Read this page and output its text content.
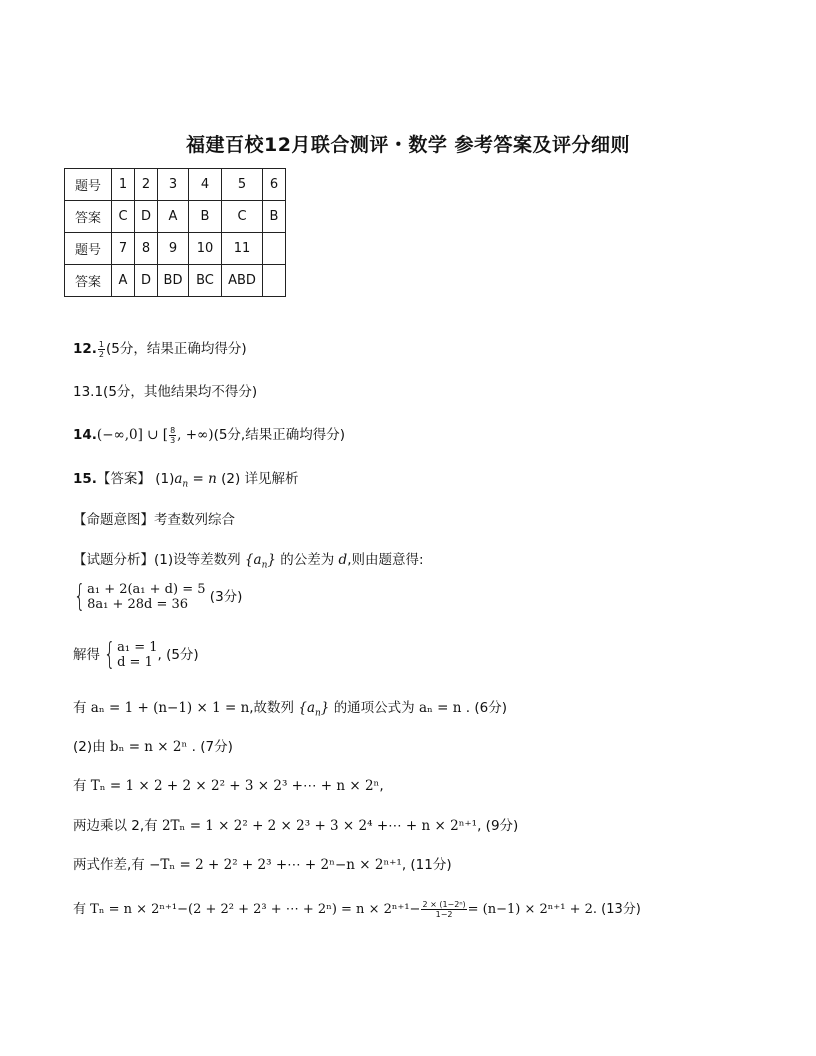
福建百校12月联合测评・数学 参考答案及评分细则
题号	1	2	3	4	5	6
答案	C	D	A	B	C	B
题号	7	8	9	10	11	
答案	A	D	BD	BC	ABD	
12. $\frac{1}{2} (5$分，结果正确均得分)
13.1(5分，其他结果均不得分)
14.(−∞,0] ∪ [ $\frac{8}{3}$ , +∞)(5分,结果正确均得分)
15.【答案】 $(1)a_n = n$ (2) 详见解析
【命题意图】考查数列综合
【试题分析】(1)设等差数列 $\{a_n\}$ 的公差为 d,则由题意得:
{ a₁ + 2(a₁ + d) = 5
8a₁ + 28d = 36	(3分)
解得 { a₁ = 1
d = 1 , (5分)
有 aₙ = 1 + (n−1) × 1 = n,故数列 $\{a_n\}$ 的通项公式为 aₙ = n . (6分)
(2)由 bₙ = n × 2ⁿ . (7分)
有 Tₙ = 1 × 2 + 2 × 2² + 3 × 2³ +⋯ + n × 2ⁿ,
两边乘以 2,有 2Tₙ = 1 × 2² + 2 × 2³ + 3 × 2⁴ +⋯ + n × 2ⁿ⁺¹, (9分)
两式作差,有 −Tₙ = 2 + 2² + 2³ +⋯ + 2ⁿ−n × 2ⁿ⁺¹, (11分)
有 Tₙ = n × 2ⁿ⁺¹−(2 + 2² + 2³ + ⋯ + $2^n) = n \times 2^{n+1}- \frac{\text{2 × (1−2ⁿ)}}{1-2} = (n-1) \times 2^{n+1} + 2$. (13分)
